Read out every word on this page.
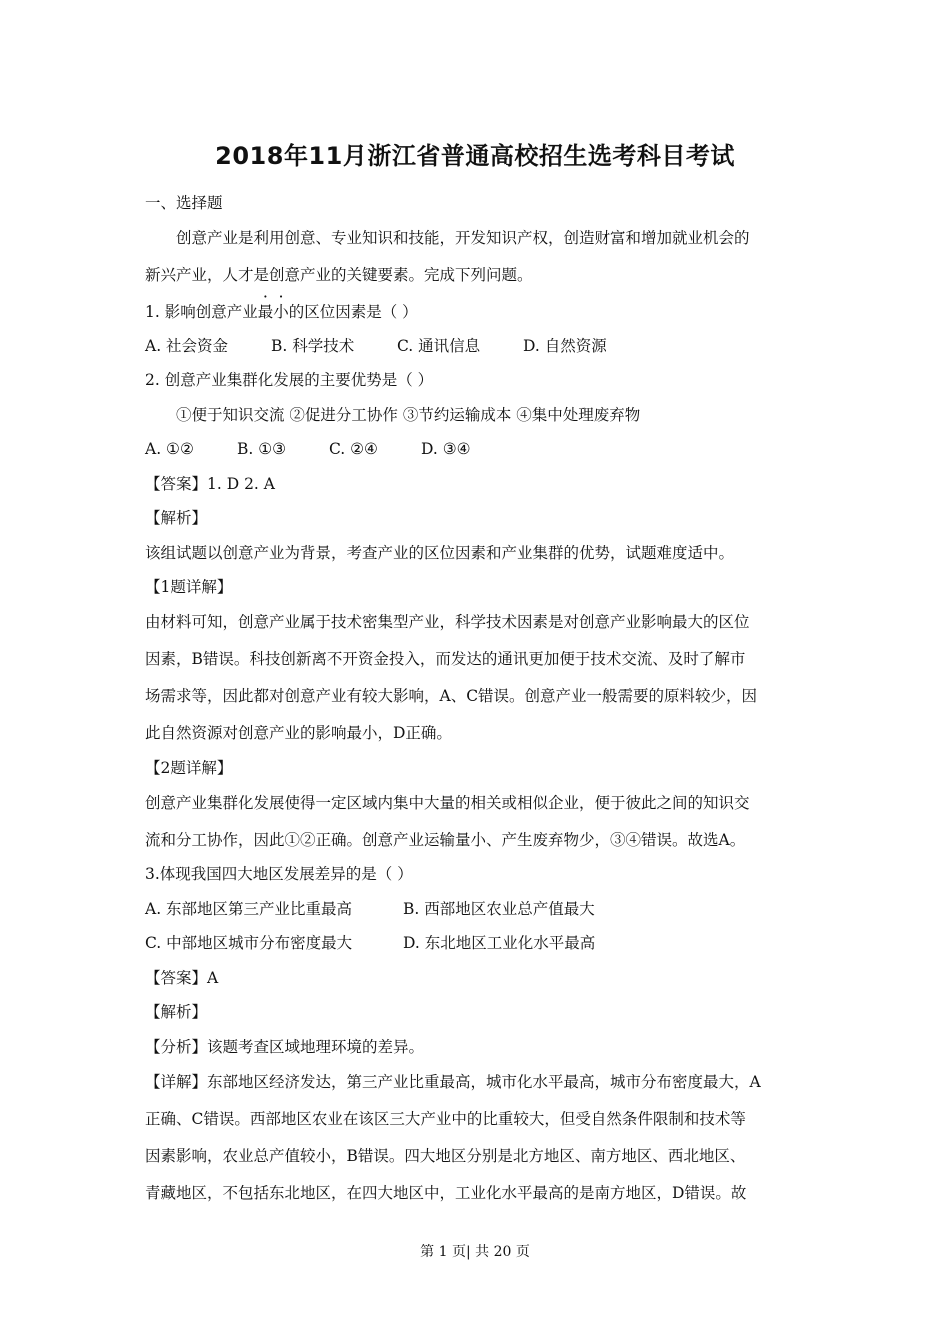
2018年11月浙江省普通高校招生选考科目考试
一、选择题
创意产业是利用创意、专业知识和技能，开发知识产权，创造财富和增加就业机会的
新兴产业，人才是创意产业的关键要素。完成下列问题。
1. 影响创意产业最小的区位因素是（ ）
A. 社会资金	B. 科学技术	C. 通讯信息	D. 自然资源
2. 创意产业集群化发展的主要优势是（ ）
①便于知识交流 ②促进分工协作 ③节约运输成本 ④集中处理废弃物
A. ①②	B. ①③	C. ②④	D. ③④
【答案】1. D 2. A
【解析】
该组试题以创意产业为背景，考查产业的区位因素和产业集群的优势，试题难度适中。
【1题详解】
由材料可知，创意产业属于技术密集型产业，科学技术因素是对创意产业影响最大的区位
因素，B错误。科技创新离不开资金投入，而发达的通讯更加便于技术交流、及时了解市
场需求等，因此都对创意产业有较大影响，A、C错误。创意产业一般需要的原料较少，因
此自然资源对创意产业的影响最小，D正确。
【2题详解】
创意产业集群化发展使得一定区域内集中大量的相关或相似企业，便于彼此之间的知识交
流和分工协作，因此①②正确。创意产业运输量小、产生废弃物少，③④错误。故选A。
3.体现我国四大地区发展差异的是（ ）
A. 东部地区第三产业比重最高	B. 西部地区农业总产值最大
C. 中部地区城市分布密度最大	D. 东北地区工业化水平最高
【答案】A
【解析】
【分析】该题考查区域地理环境的差异。
【详解】东部地区经济发达，第三产业比重最高，城市化水平最高，城市分布密度最大，A
正确、C错误。西部地区农业在该区三大产业中的比重较大，但受自然条件限制和技术等
因素影响，农业总产值较小，B错误。四大地区分别是北方地区、南方地区、西北地区、
青藏地区，不包括东北地区，在四大地区中，工业化水平最高的是南方地区，D错误。故
第 1 页| 共 20 页
